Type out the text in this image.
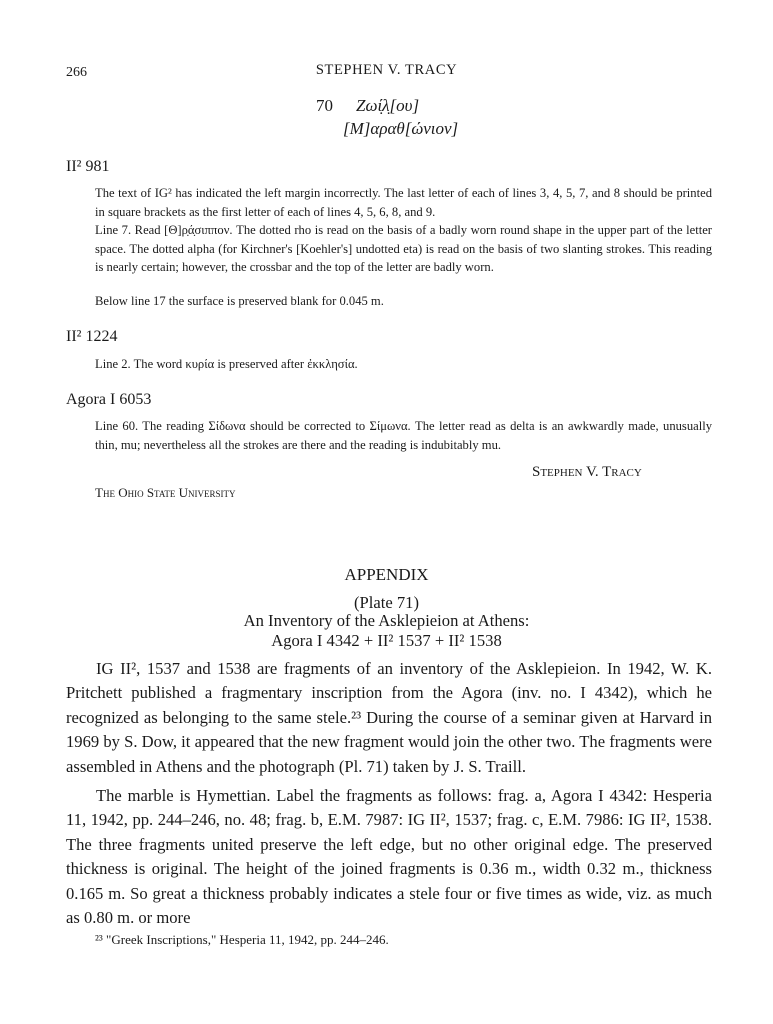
266	STEPHEN V. TRACY
70 Ζωί̣λ̣[ου]
[Μ]αραθ[ώνιον]
II² 981
The text of IG² has indicated the left margin incorrectly. The last letter of each of lines 3, 4, 5, 7, and 8 should be printed in square brackets as the first letter of each of lines 4, 5, 6, 8, and 9.
Line 7. Read [Θ]ρ̣ά̣σιππον. The dotted rho is read on the basis of a badly worn round shape in the upper part of the letter space. The dotted alpha (for Kirchner's [Koehler's] undotted eta) is read on the basis of two slanting strokes. This reading is nearly certain; however, the crossbar and the top of the letter are badly worn.
Below line 17 the surface is preserved blank for 0.045 m.
II² 1224
Line 2. The word κυρία is preserved after ἐκκλησία.
Agora I 6053
Line 60. The reading Σίδωνα should be corrected to Σίμωνα. The letter read as delta is an awkwardly made, unusually thin, mu; nevertheless all the strokes are there and the reading is indubitably mu.
Stephen V. Tracy
The Ohio State University
APPENDIX
(Plate 71)
An Inventory of the Asklepieion at Athens:
Agora I 4342 + II² 1537 + II² 1538
IG II², 1537 and 1538 are fragments of an inventory of the Asklepieion. In 1942, W. K. Pritchett published a fragmentary inscription from the Agora (inv. no. I 4342), which he recognized as belonging to the same stele.²³ During the course of a seminar given at Harvard in 1969 by S. Dow, it appeared that the new fragment would join the other two. The fragments were assembled in Athens and the photograph (Pl. 71) taken by J. S. Traill.
The marble is Hymettian. Label the fragments as follows: frag. a, Agora I 4342: Hesperia 11, 1942, pp. 244–246, no. 48; frag. b, E.M. 7987: IG II², 1537; frag. c, E.M. 7986: IG II², 1538. The three fragments united preserve the left edge, but no other original edge. The preserved thickness is original. The height of the joined fragments is 0.36 m., width 0.32 m., thickness 0.165 m. So great a thickness probably indicates a stele four or five times as wide, viz. as much as 0.80 m. or more
²³ "Greek Inscriptions," Hesperia 11, 1942, pp. 244–246.
